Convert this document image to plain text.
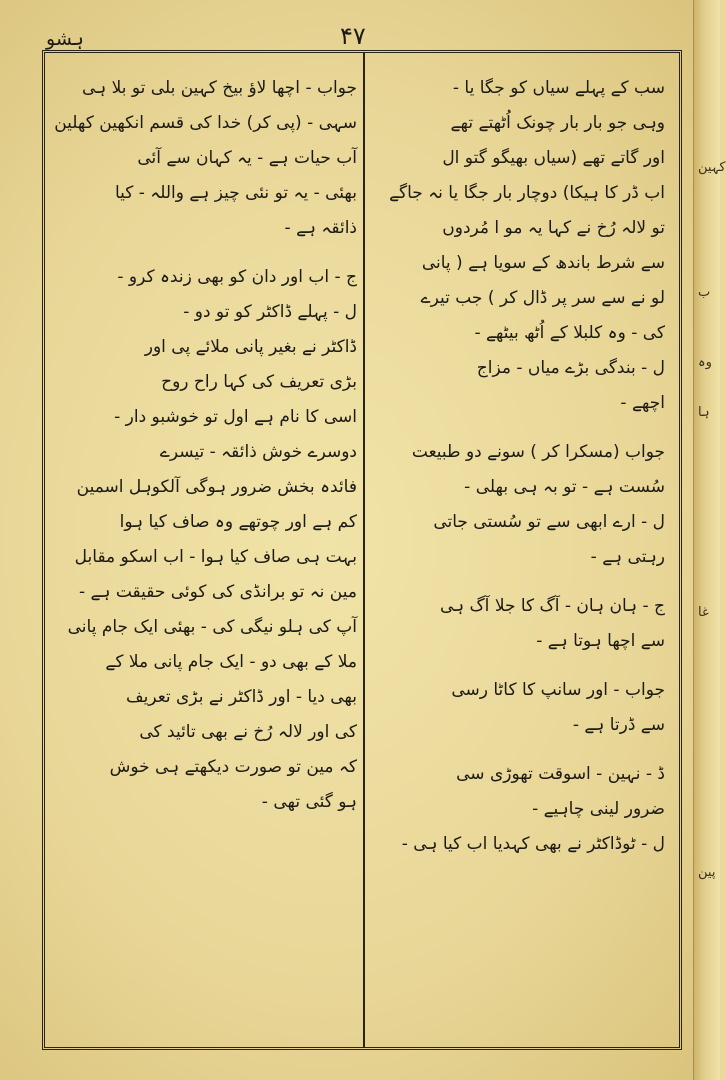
کہین
ب
وہ
ہا
غا
پین
ہشو	۴۷
سب کے پہلے سیاں کو جگا یا -
وہی جو بار بار چونک اُٹھتے تھے
اور گاتے تھے (سیاں بھیگو گتو ال
اب ڈر کا ہیکا) دوچار بار جگا یا نہ جاگے
تو لالہ رُخ نے کہا یہ مو ا مُردوں
سے شرط باندھ کے سویا ہے ( پانی
لو نے سے سر پر ڈال کر ) جب تیرے
کی - وہ کلبلا کے اُٹھ بیٹھے -
ل - بندگی بڑے میاں - مزاج
اچھے -
جواب (مسکرا کر ) سونے دو طبیعت
سُست ہے - تو بہ ہی بھلی -
ل - ارے ابھی سے تو سُستی جاتی
رہتی ہے -
ج - ہان ہان - آگ کا جلا آگ ہی
سے اچھا ہوتا ہے -
جواب - اور سانپ کا کاٹا رسی
سے ڈرتا ہے -
ڈ - نہین - اسوقت تھوڑی سی
ضرور لینی چاہیے -
ل - ٹوڈاکٹر نے بھی کہدیا اب کیا ہی -
جواب - اچھا لاؤ بیخ کہین بلی تو بلا ہی
سہی - (پی کر) خدا کی قسم انکھین کھلین
آب حیات ہے - یہ کہان سے آئی
بھئی - یہ تو نئی چیز ہے واللہ - کیا
ذائقہ ہے -
ج - اب اور دان کو بھی زندہ کرو -
ل - پہلے ڈاکٹر کو تو دو -
ڈاکٹر نے بغیر پانی ملائے پی اور
بڑی تعریف کی کہا راح روح
اسی کا نام ہے اول تو خوشبو دار -
دوسرے خوش ذائقہ - تیسرے
فائدہ بخش ضرور ہوگی آلکوہل اسمین
کم ہے اور چوتھے وہ صاف کیا ہوا
بہت ہی صاف کیا ہوا - اب اسکو مقابل
مین نہ تو برانڈی کی کوئی حقیقت ہے -
آپ کی ہلو نیگی کی - بھئی ایک جام پانی
ملا کے بھی دو - ایک جام پانی ملا کے
بھی دیا - اور ڈاکٹر نے بڑی تعریف
کی اور لالہ رُخ نے بھی تائید کی
کہ مین تو صورت دیکھتے ہی خوش
ہو گئی تھی -
